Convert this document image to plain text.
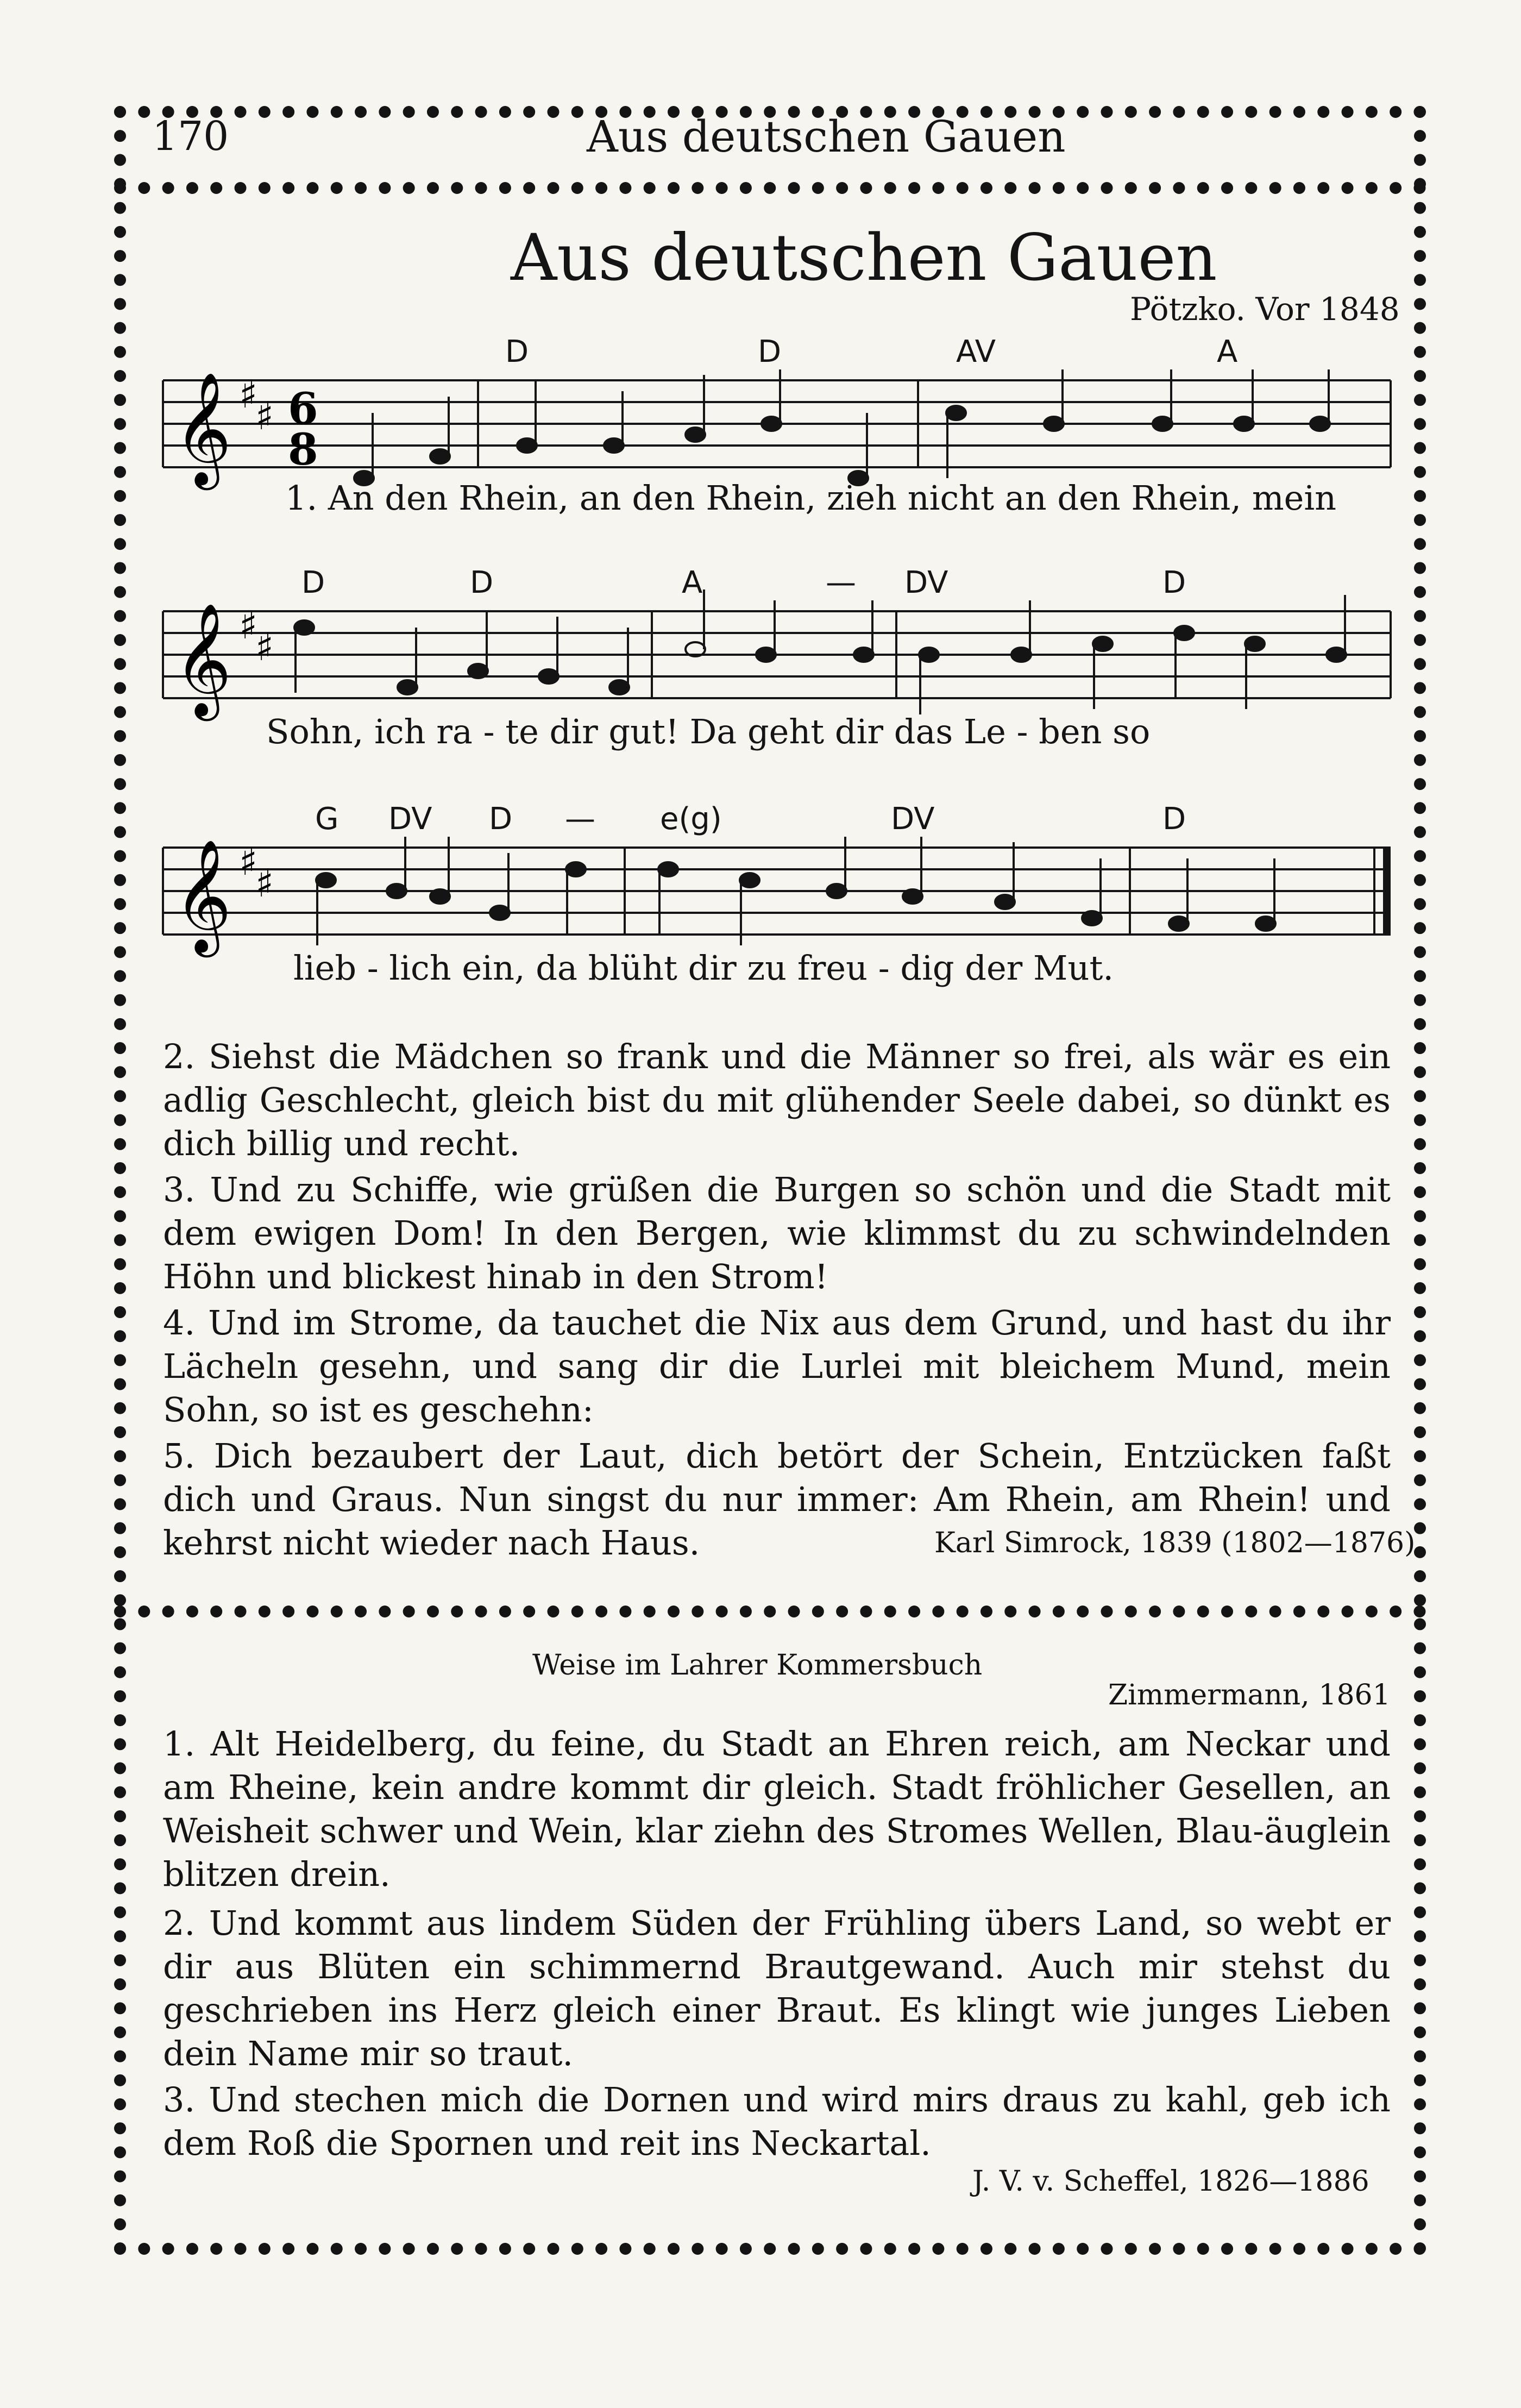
170	Aus deutschen Gauen
Aus deutschen Gauen
Pötzko. Vor 1848
D	D	AV	A
𝄞 ♯
♯ 6
8
1. An den Rhein, an den Rhein, zieh nicht an den Rhein, mein
D	D	A	— DV	D
𝄞 ♯
♯
Sohn, ich ra - te dir gut! Da geht dir das Le - ben so
G DV D — e(g)	DV	D
𝄞 ♯
♯
lieb - lich ein, da blüht dir zu freu - dig der Mut.
2. Siehst die Mädchen so frank und die Männer so frei, als wär es ein adlig Geschlecht, gleich bist du mit glühender Seele dabei, so dünkt es dich billig und recht.
3. Und zu Schiffe, wie grüßen die Burgen so schön und die Stadt mit dem ewigen Dom! In den Bergen, wie klimmst du zu schwindelnden Höhn und blickest hinab in den Strom!
4. Und im Strome, da tauchet die Nix aus dem Grund, und hast du ihr Lächeln gesehn, und sang dir die Lurlei mit bleichem Mund, mein Sohn, so ist es geschehn:
5. Dich bezaubert der Laut, dich betört der Schein, Entzücken faßt dich und Graus. Nun singst du nur immer: Am Rhein, am Rhein! und kehrst nicht wieder nach Haus.	Karl Simrock, 1839 (1802—1876)
Weise im Lahrer Kommersbuch
Zimmermann, 1861
1. Alt Heidelberg, du feine, du Stadt an Ehren reich, am Neckar und am Rheine, kein andre kommt dir gleich. Stadt fröhlicher Gesellen, an Weisheit schwer und Wein, klar ziehn des Stromes Wellen, Blau-äuglein blitzen drein.
2. Und kommt aus lindem Süden der Frühling übers Land, so webt er dir aus Blüten ein schimmernd Brautgewand. Auch mir stehst du geschrieben ins Herz gleich einer Braut. Es klingt wie junges Lieben dein Name mir so traut.
3. Und stechen mich die Dornen und wird mirs draus zu kahl, geb ich dem Roß die Spornen und reit ins Neckartal.
J. V. v. Scheffel, 1826—1886
